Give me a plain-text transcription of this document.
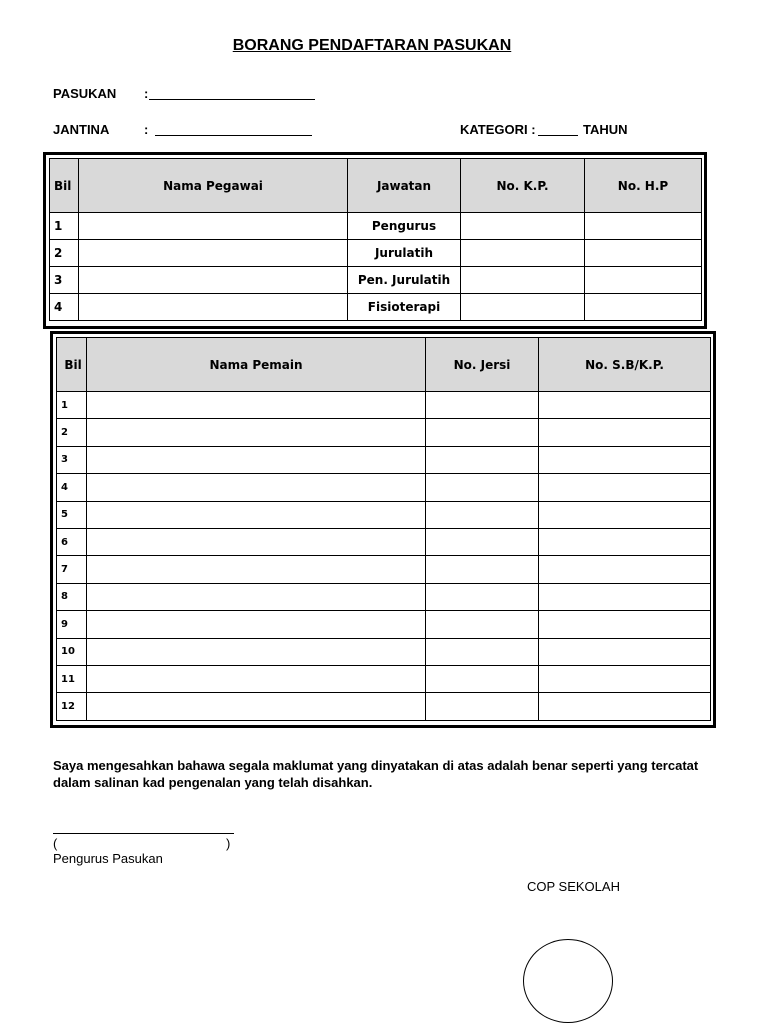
BORANG PENDAFTARAN PASUKAN
PASUKAN :
JANTINA	:	KATEGORI :	TAHUN
Bil	Nama Pegawai	Jawatan	No. K.P.	No. H.P
1		Pengurus		
2		Jurulatih		
3		Pen. Jurulatih		
4		Fisioterapi		
Bil	Nama Pemain	No. Jersi	No. S.B/K.P.
1			
2			
3			
4			
5			
6			
7			
8			
9			
10			
11			
12			
Saya mengesahkan bahawa segala maklumat yang dinyatakan di atas adalah benar seperti yang tercatat dalam salinan kad pengenalan yang telah disahkan.
(	)
Pengurus Pasukan
COP SEKOLAH
